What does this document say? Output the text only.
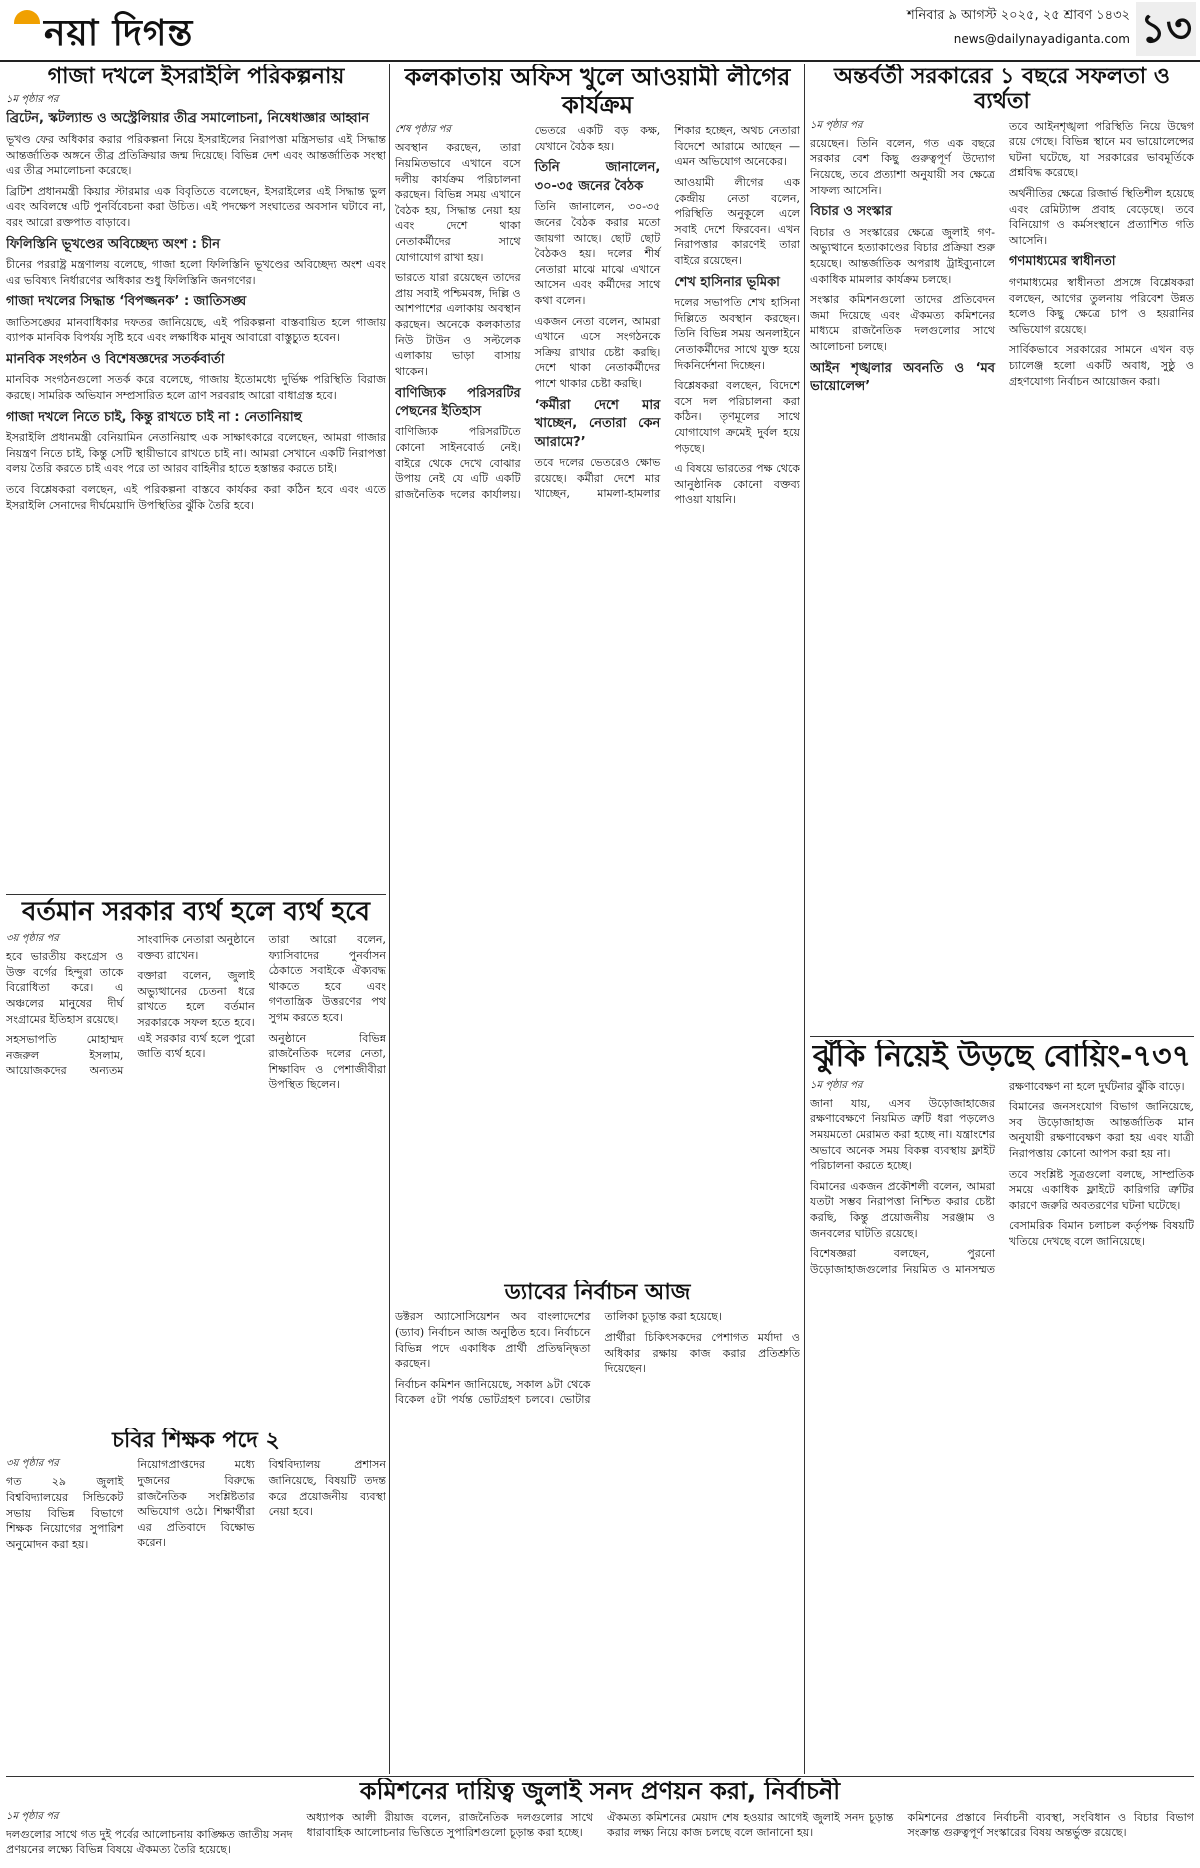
নয়া দিগন্ত	শনিবার ৯ আগস্ট ২০২৫, ২৫ শ্রাবণ ১৪৩২
news@dailynayadiganta.com ১৩
গাজা দখলে ইসরাইলি পরিকল্পনায়
১ম পৃষ্ঠার পর
ব্রিটেন, স্কটল্যান্ড ও অস্ট্রেলিয়ার তীব্র সমালোচনা, নিষেধাজ্ঞার আহ্বান

ভূখণ্ড ফের অধিকার করার পরিকল্পনা নিয়ে ইসরাইলের নিরাপত্তা মন্ত্রিসভার এই সিদ্ধান্ত আন্তর্জাতিক অঙ্গনে তীব্র প্রতিক্রিয়ার জন্ম দিয়েছে। বিভিন্ন দেশ এবং আন্তর্জাতিক সংস্থা এর তীব্র সমালোচনা করেছে।

ব্রিটিশ প্রধানমন্ত্রী কিয়ার স্টারমার এক বিবৃতিতে বলেছেন, ইসরাইলের এই সিদ্ধান্ত ভুল এবং অবিলম্বে এটি পুনর্বিবেচনা করা উচিত। এই পদক্ষেপ সংঘাতের অবসান ঘটাবে না, বরং আরো রক্তপাত বাড়াবে।

ফিলিস্তিনি ভূখণ্ডের অবিচ্ছেদ্য অংশ : চীন

চীনের পররাষ্ট্র মন্ত্রণালয় বলেছে, গাজা হলো ফিলিস্তিনি ভূখণ্ডের অবিচ্ছেদ্য অংশ এবং এর ভবিষ্যৎ নির্ধারণের অধিকার শুধু ফিলিস্তিনি জনগণের।

গাজা দখলের সিদ্ধান্ত ‘বিপজ্জনক’ : জাতিসঙ্ঘ

জাতিসঙ্ঘের মানবাধিকার দফতর জানিয়েছে, এই পরিকল্পনা বাস্তবায়িত হলে গাজায় ব্যাপক মানবিক বিপর্যয় সৃষ্টি হবে এবং লক্ষাধিক মানুষ আবারো বাস্তুচ্যুত হবেন।

মানবিক সংগঠন ও বিশেষজ্ঞদের সতর্কবার্তা

মানবিক সংগঠনগুলো সতর্ক করে বলেছে, গাজায় ইতোমধ্যে দুর্ভিক্ষ পরিস্থিতি বিরাজ করছে। সামরিক অভিযান সম্প্রসারিত হলে ত্রাণ সরবরাহ আরো বাধাগ্রস্ত হবে।

গাজা দখলে নিতে চাই, কিন্তু রাখতে চাই না : নেতানিয়াহু

ইসরাইলি প্রধানমন্ত্রী বেনিয়ামিন নেতানিয়াহু এক সাক্ষাৎকারে বলেছেন, আমরা গাজার নিয়ন্ত্রণ নিতে চাই, কিন্তু সেটি স্থায়ীভাবে রাখতে চাই না। আমরা সেখানে একটি নিরাপত্তা বলয় তৈরি করতে চাই এবং পরে তা আরব বাহিনীর হাতে হস্তান্তর করতে চাই।

তবে বিশ্লেষকরা বলছেন, এই পরিকল্পনা বাস্তবে কার্যকর করা কঠিন হবে এবং এতে ইসরাইলি সেনাদের দীর্ঘমেয়াদি উপস্থিতির ঝুঁকি তৈরি হবে।

কলকাতায় অফিস খুলে আওয়ামী লীগের কার্যক্রম
শেষ পৃষ্ঠার পর

অবস্থান করছেন, তারা নিয়মিতভাবে এখানে বসে দলীয় কার্যক্রম পরিচালনা করছেন। বিভিন্ন সময় এখানে বৈঠক হয়, সিদ্ধান্ত নেয়া হয় এবং দেশে থাকা নেতাকর্মীদের সাথে যোগাযোগ রাখা হয়।

ভারতে যারা রয়েছেন তাদের প্রায় সবাই পশ্চিমবঙ্গ, দিল্লি ও আশপাশের এলাকায় অবস্থান করছেন। অনেকে কলকাতার নিউ টাউন ও সল্টলেক এলাকায় ভাড়া বাসায় থাকেন।

বাণিজ্যিক পরিসরটির পেছনের ইতিহাস

বাণিজ্যিক পরিসরটিতে কোনো সাইনবোর্ড নেই। বাইরে থেকে দেখে বোঝার উপায় নেই যে এটি একটি রাজনৈতিক দলের কার্যালয়। ভেতরে একটি বড় কক্ষ, যেখানে বৈঠক হয়।

তিনি জানালেন, ৩০-৩৫ জনের বৈঠক

তিনি জানালেন, ৩০-৩৫ জনের বৈঠক করার মতো জায়গা আছে। ছোট ছোট বৈঠকও হয়। দলের শীর্ষ নেতারা মাঝে মাঝে এখানে আসেন এবং কর্মীদের সাথে কথা বলেন।

একজন নেতা বলেন, আমরা এখানে এসে সংগঠনকে সক্রিয় রাখার চেষ্টা করছি। দেশে থাকা নেতাকর্মীদের পাশে থাকার চেষ্টা করছি।

‘কর্মীরা দেশে মার খাচ্ছেন, নেতারা কেন আরামে?’

তবে দলের ভেতরেও ক্ষোভ রয়েছে। কর্মীরা দেশে মার খাচ্ছেন, মামলা-হামলার শিকার হচ্ছেন, অথচ নেতারা বিদেশে আরামে আছেন — এমন অভিযোগ অনেকের।

আওয়ামী লীগের এক কেন্দ্রীয় নেতা বলেন, পরিস্থিতি অনুকূলে এলে সবাই দেশে ফিরবেন। এখন নিরাপত্তার কারণেই তারা বাইরে রয়েছেন।

শেখ হাসিনার ভূমিকা

দলের সভাপতি শেখ হাসিনা দিল্লিতে অবস্থান করছেন। তিনি বিভিন্ন সময় অনলাইনে নেতাকর্মীদের সাথে যুক্ত হয়ে দিকনির্দেশনা দিচ্ছেন।

বিশ্লেষকরা বলছেন, বিদেশে বসে দল পরিচালনা করা কঠিন। তৃণমূলের সাথে যোগাযোগ ক্রমেই দুর্বল হয়ে পড়ছে।

এ বিষয়ে ভারতের পক্ষ থেকে আনুষ্ঠানিক কোনো বক্তব্য পাওয়া যায়নি।

অন্তর্বর্তী সরকারের ১ বছরে সফলতা ও ব্যর্থতা
১ম পৃষ্ঠার পর

রয়েছেন। তিনি বলেন, গত এক বছরে সরকার বেশ কিছু গুরুত্বপূর্ণ উদ্যোগ নিয়েছে, তবে প্রত্যাশা অনুযায়ী সব ক্ষেত্রে সাফল্য আসেনি।

বিচার ও সংস্কার

বিচার ও সংস্কারের ক্ষেত্রে জুলাই গণ-অভ্যুত্থানে হত্যাকাণ্ডের বিচার প্রক্রিয়া শুরু হয়েছে। আন্তর্জাতিক অপরাধ ট্রাইব্যুনালে একাধিক মামলার কার্যক্রম চলছে।

সংস্কার কমিশনগুলো তাদের প্রতিবেদন জমা দিয়েছে এবং ঐকমত্য কমিশনের মাধ্যমে রাজনৈতিক দলগুলোর সাথে আলোচনা চলছে।

আইন শৃঙ্খলার অবনতি ও ‘মব ভায়োলেন্স’

তবে আইনশৃঙ্খলা পরিস্থিতি নিয়ে উদ্বেগ রয়ে গেছে। বিভিন্ন স্থানে মব ভায়োলেন্সের ঘটনা ঘটেছে, যা সরকারের ভাবমূর্তিকে প্রশ্নবিদ্ধ করেছে।

অর্থনীতির ক্ষেত্রে রিজার্ভ স্থিতিশীল হয়েছে এবং রেমিট্যান্স প্রবাহ বেড়েছে। তবে বিনিয়োগ ও কর্মসংস্থানে প্রত্যাশিত গতি আসেনি।

গণমাধ্যমের স্বাধীনতা

গণমাধ্যমের স্বাধীনতা প্রসঙ্গে বিশ্লেষকরা বলছেন, আগের তুলনায় পরিবেশ উন্নত হলেও কিছু ক্ষেত্রে চাপ ও হয়রানির অভিযোগ রয়েছে।

সার্বিকভাবে সরকারের সামনে এখন বড় চ্যালেঞ্জ হলো একটি অবাধ, সুষ্ঠু ও গ্রহণযোগ্য নির্বাচন আয়োজন করা।

বর্তমান সরকার ব্যর্থ হলে ব্যর্থ হবে
৩য় পৃষ্ঠার পর

হবে ভারতীয় কংগ্রেস ও উক্ত বর্গের হিন্দুরা তাকে বিরোধিতা করে। এ অঞ্চলের মানুষের দীর্ঘ সংগ্রামের ইতিহাস রয়েছে।

সহসভাপতি মোহাম্মদ নজরুল ইসলাম, আয়োজকদের অন্যতম সাংবাদিক নেতারা অনুষ্ঠানে বক্তব্য রাখেন।

বক্তারা বলেন, জুলাই অভ্যুত্থানের চেতনা ধরে রাখতে হলে বর্তমান সরকারকে সফল হতে হবে। এই সরকার ব্যর্থ হলে পুরো জাতি ব্যর্থ হবে।

তারা আরো বলেন, ফ্যাসিবাদের পুনর্বাসন ঠেকাতে সবাইকে ঐক্যবদ্ধ থাকতে হবে এবং গণতান্ত্রিক উত্তরণের পথ সুগম করতে হবে।

অনুষ্ঠানে বিভিন্ন রাজনৈতিক দলের নেতা, শিক্ষাবিদ ও পেশাজীবীরা উপস্থিত ছিলেন।

চবির শিক্ষক পদে ২
৩য় পৃষ্ঠার পর

গত ২৯ জুলাই বিশ্ববিদ্যালয়ের সিন্ডিকেট সভায় বিভিন্ন বিভাগে শিক্ষক নিয়োগের সুপারিশ অনুমোদন করা হয়।

নিয়োগপ্রাপ্তদের মধ্যে দুজনের বিরুদ্ধে রাজনৈতিক সংশ্লিষ্টতার অভিযোগ ওঠে। শিক্ষার্থীরা এর প্রতিবাদে বিক্ষোভ করেন।

বিশ্ববিদ্যালয় প্রশাসন জানিয়েছে, বিষয়টি তদন্ত করে প্রয়োজনীয় ব্যবস্থা নেয়া হবে।

ড্যাবের নির্বাচন আজ

ডক্টরস অ্যাসোসিয়েশন অব বাংলাদেশের (ড্যাব) নির্বাচন আজ অনুষ্ঠিত হবে। নির্বাচনে বিভিন্ন পদে একাধিক প্রার্থী প্রতিদ্বন্দ্বিতা করছেন।

নির্বাচন কমিশন জানিয়েছে, সকাল ৯টা থেকে বিকেল ৫টা পর্যন্ত ভোটগ্রহণ চলবে। ভোটার তালিকা চূড়ান্ত করা হয়েছে।

প্রার্থীরা চিকিৎসকদের পেশাগত মর্যাদা ও অধিকার রক্ষায় কাজ করার প্রতিশ্রুতি দিয়েছেন।

ঝুঁকি নিয়েই উড়ছে বোয়িং-৭৩৭
১ম পৃষ্ঠার পর

জানা যায়, এসব উড়োজাহাজের রক্ষণাবেক্ষণে নিয়মিত ত্রুটি ধরা পড়লেও সময়মতো মেরামত করা হচ্ছে না। যন্ত্রাংশের অভাবে অনেক সময় বিকল্প ব্যবস্থায় ফ্লাইট পরিচালনা করতে হচ্ছে।

বিমানের একজন প্রকৌশলী বলেন, আমরা যতটা সম্ভব নিরাপত্তা নিশ্চিত করার চেষ্টা করছি, কিন্তু প্রয়োজনীয় সরঞ্জাম ও জনবলের ঘাটতি রয়েছে।

বিশেষজ্ঞরা বলছেন, পুরনো উড়োজাহাজগুলোর নিয়মিত ও মানসম্মত রক্ষণাবেক্ষণ না হলে দুর্ঘটনার ঝুঁকি বাড়ে।

বিমানের জনসংযোগ বিভাগ জানিয়েছে, সব উড়োজাহাজ আন্তর্জাতিক মান অনুযায়ী রক্ষণাবেক্ষণ করা হয় এবং যাত্রী নিরাপত্তায় কোনো আপস করা হয় না।

তবে সংশ্লিষ্ট সূত্রগুলো বলছে, সাম্প্রতিক সময়ে একাধিক ফ্লাইটে কারিগরি ত্রুটির কারণে জরুরি অবতরণের ঘটনা ঘটেছে।

বেসামরিক বিমান চলাচল কর্তৃপক্ষ বিষয়টি খতিয়ে দেখছে বলে জানিয়েছে।

কমিশনের দায়িত্ব জুলাই সনদ প্রণয়ন করা, নির্বাচনী
১ম পৃষ্ঠার পর

দলগুলোর সাথে গত দুই পর্বের আলোচনায় কাঙ্ক্ষিত জাতীয় সনদ প্রণয়নের লক্ষ্যে বিভিন্ন বিষয়ে ঐকমত্য তৈরি হয়েছে।

অধ্যাপক আলী রীয়াজ বলেন, রাজনৈতিক দলগুলোর সাথে ধারাবাহিক আলোচনার ভিত্তিতে সুপারিশগুলো চূড়ান্ত করা হচ্ছে।

ঐকমত্য কমিশনের মেয়াদ শেষ হওয়ার আগেই জুলাই সনদ চূড়ান্ত করার লক্ষ্য নিয়ে কাজ চলছে বলে জানানো হয়।

কমিশনের প্রস্তাবে নির্বাচনী ব্যবস্থা, সংবিধান ও বিচার বিভাগ সংক্রান্ত গুরুত্বপূর্ণ সংস্কারের বিষয় অন্তর্ভুক্ত রয়েছে।
